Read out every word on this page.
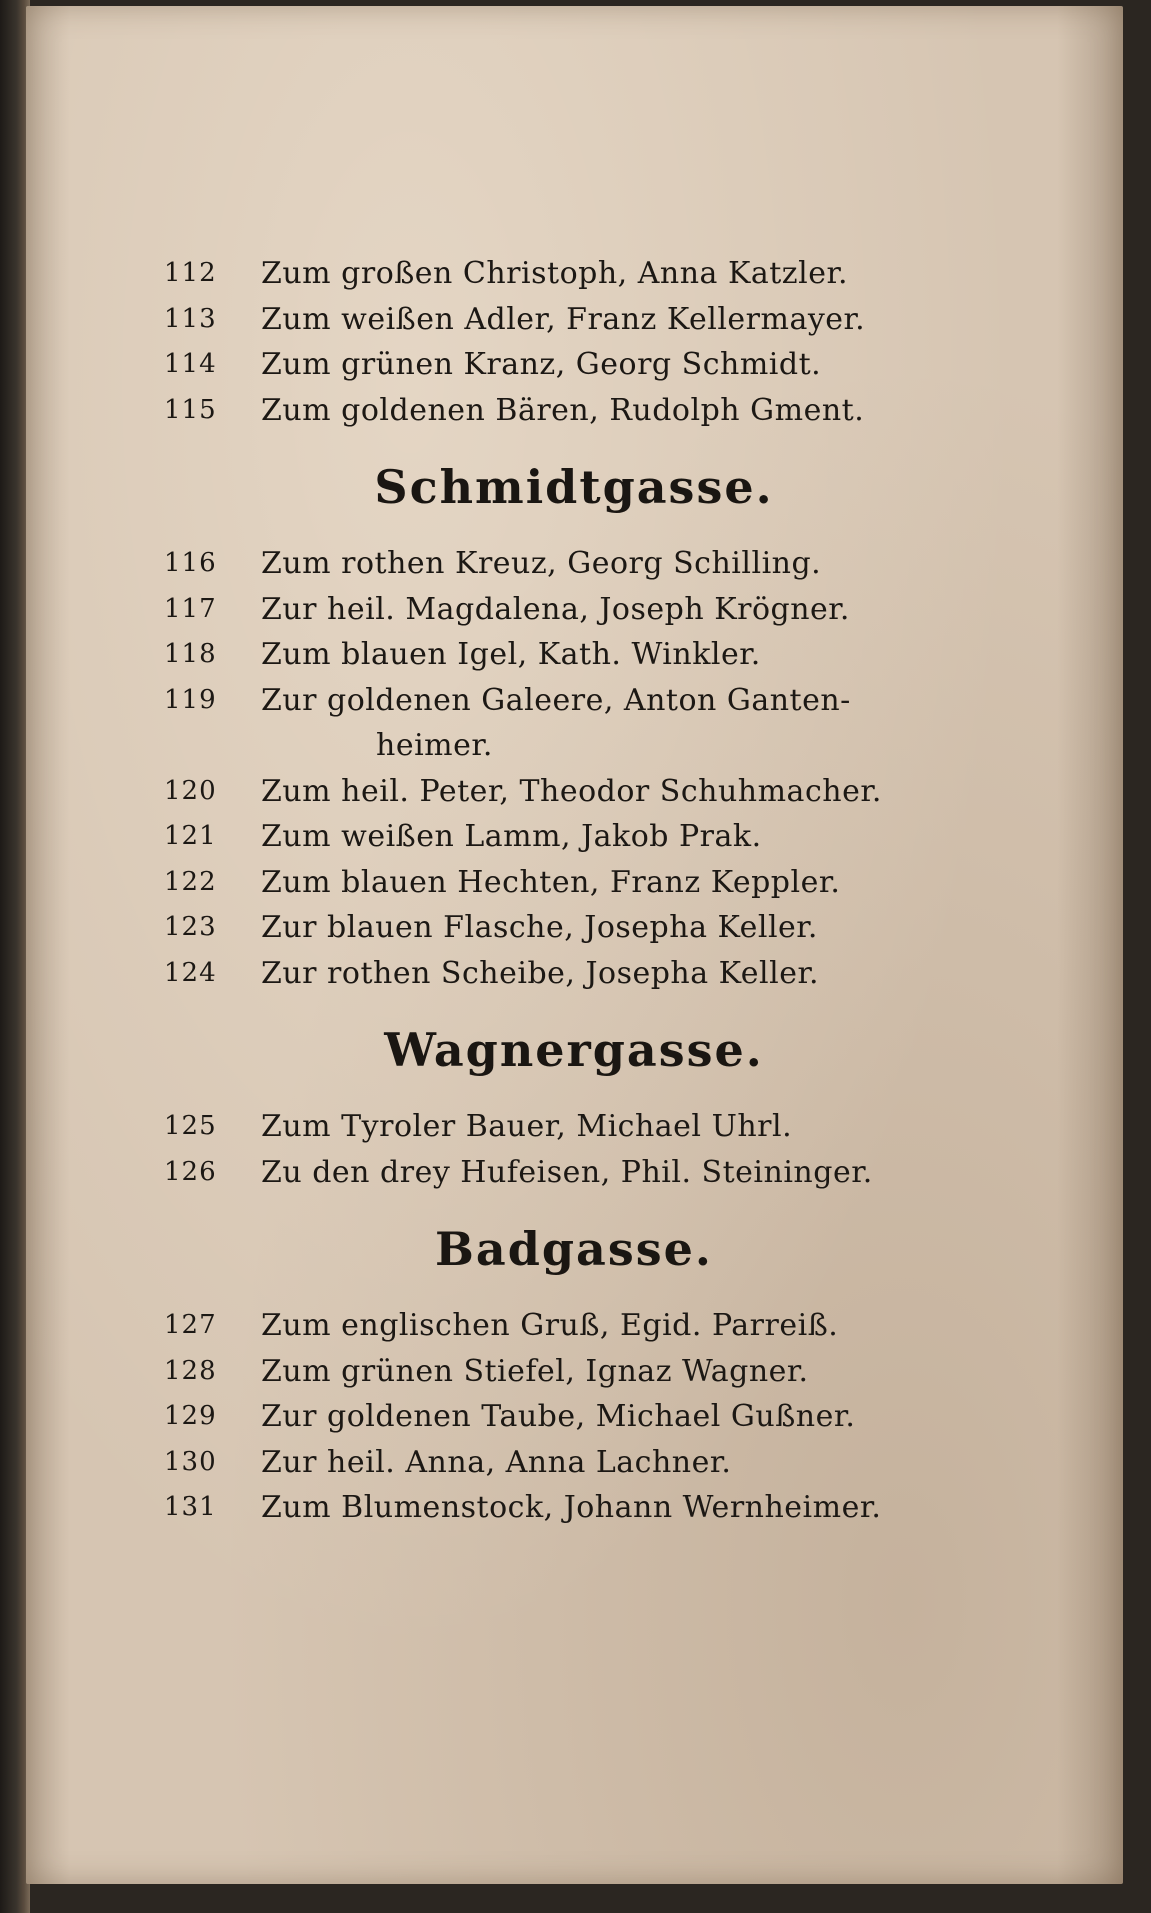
112 Zum großen Christoph, Anna Katzler.
113 Zum weißen Adler, Franz Kellermayer.
114 Zum grünen Kranz, Georg Schmidt.
115 Zum goldenen Bären, Rudolph Gment.
Schmidtgasse.
116 Zum rothen Kreuz, Georg Schilling.
117 Zur heil. Magdalena, Joseph Krögner.
118 Zum blauen Igel, Kath. Winkler.
119 Zur goldenen Galeere, Anton Ganten-
heimer.
120 Zum heil. Peter, Theodor Schuhmacher.
121 Zum weißen Lamm, Jakob Prak.
122 Zum blauen Hechten, Franz Keppler.
123 Zur blauen Flasche, Josepha Keller.
124 Zur rothen Scheibe, Josepha Keller.
Wagnergasse.
125 Zum Tyroler Bauer, Michael Uhrl.
126 Zu den drey Hufeisen, Phil. Steininger.
Badgasse.
127 Zum englischen Gruß, Egid. Parreiß.
128 Zum grünen Stiefel, Ignaz Wagner.
129 Zur goldenen Taube, Michael Gußner.
130 Zur heil. Anna, Anna Lachner.
131 Zum Blumenstock, Johann Wernheimer.
